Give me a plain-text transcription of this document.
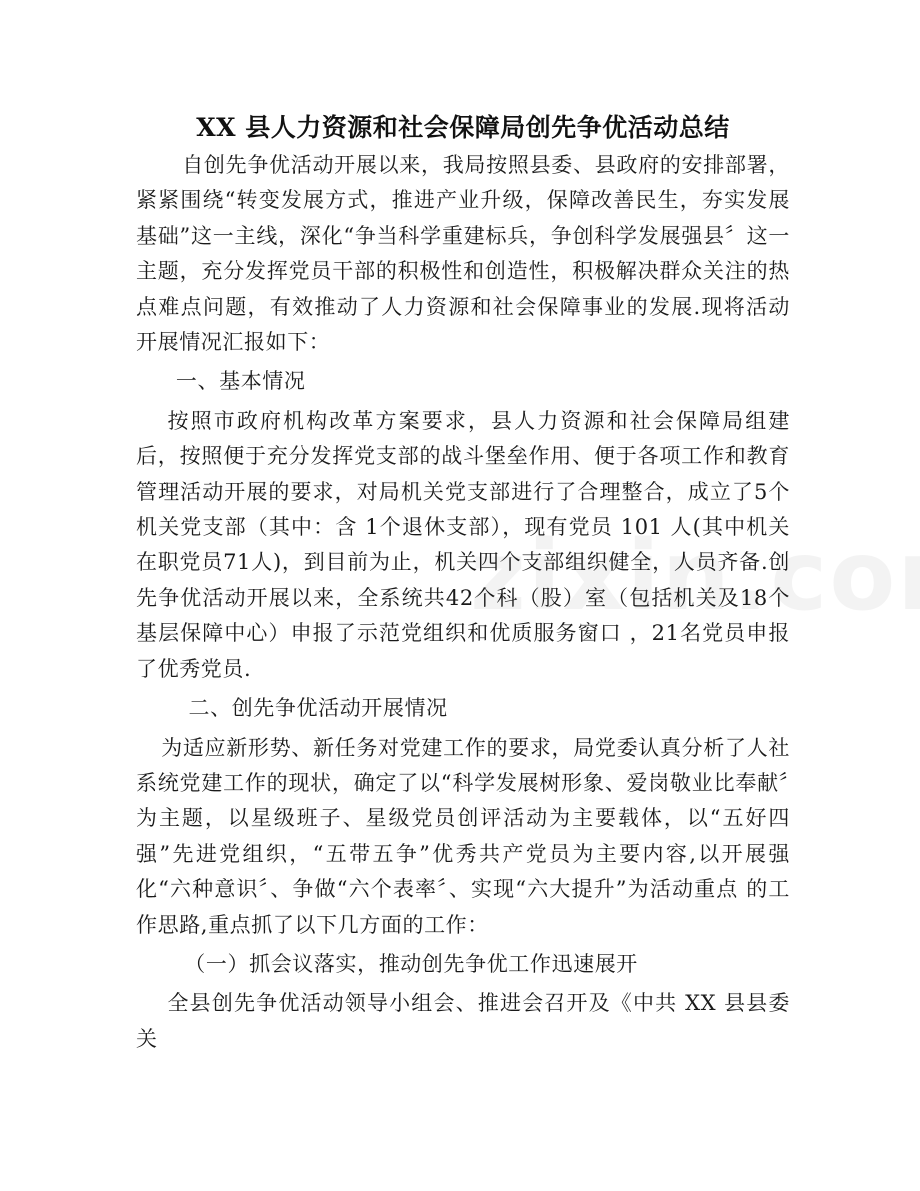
XX 县人力资源和社会保障局创先争优活动总结

自创先争优活动开展以来，我局按照县委、县政府的安排部署，紧紧围绕“转变发展方式，推进产业升级，保障改善民生，夯实发展基础”这一主线，深化“争当科学重建标兵，争创科学发展强县〞这一主题，充分发挥党员干部的积极性和创造性，积极解决群众关注的热点难点问题，有效推动了人力资源和社会保障事业的发展.现将活动开展情况汇报如下：

一、基本情况

按照市政府机构改革方案要求，县人力资源和社会保障局组建后，按照便于充分发挥党支部的战斗堡垒作用、便于各项工作和教育管理活动开展的要求，对局机关党支部进行了合理整合，成立了5个机关党支部（其中：含 1个退休支部），现有党员 101 人(其中机关在职党员71人)，到目前为止，机关四个支部组织健全，人员齐备.创先争优活动开展以来，全系统共42个科（股）室（包括机关及18个基层保障中心）申报了示范党组织和优质服务窗口 ，21名党员申报了优秀党员.

二、创先争优活动开展情况

为适应新形势、新任务对党建工作的要求，局党委认真分析了人社系统党建工作的现状，确定了以“科学发展树形象、爱岗敬业比奉献〞为主题，以星级班子、星级党员创评活动为主要载体，以“五好四强”先进党组织，“五带五争”优秀共产党员为主要内容,以开展强化“六种意识〞、争做“六个表率〞、实现“六大提升”为活动重点 的工作思路,重点抓了以下几方面的工作：

（一）抓会议落实，推动创先争优工作迅速展开

全县创先争优活动领导小组会、推进会召开及《中共 XX 县县委关
